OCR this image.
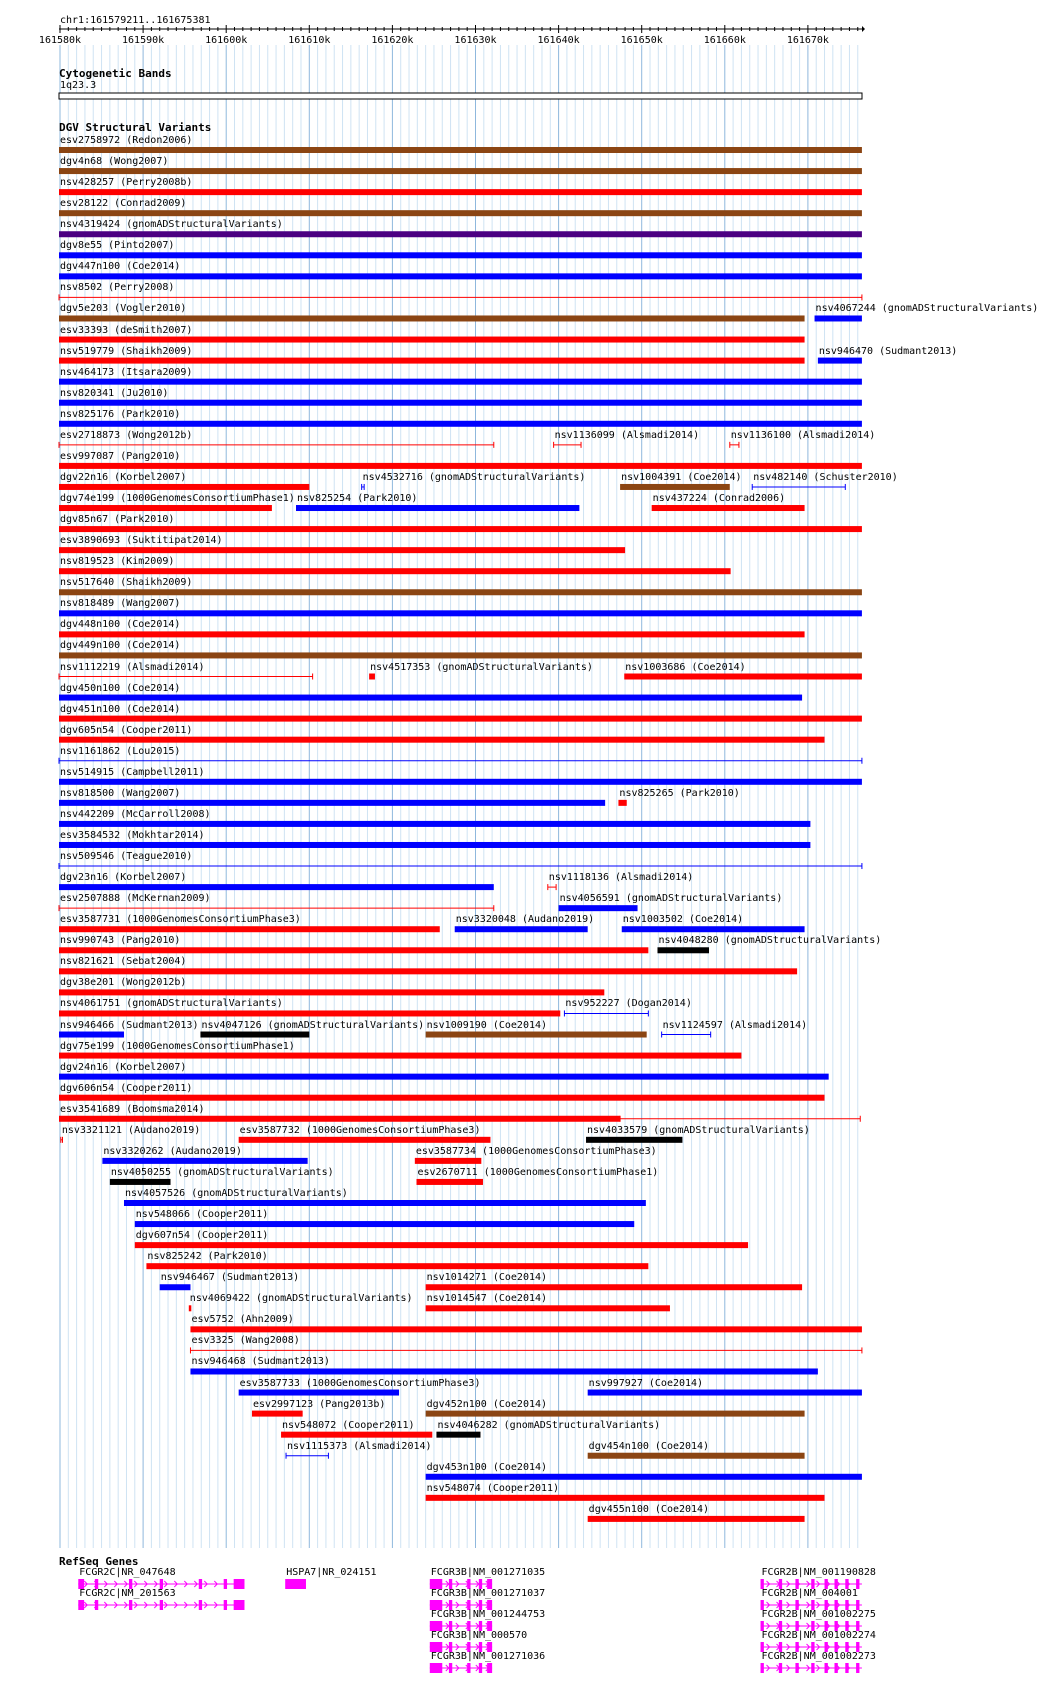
161580k	161590k	161600k	161610k	161620k	161630k	161640k	161650k	161660k	161670k
chr1:161579211..161675381
Cytogenetic Bands
1q23.3
DGV Structural Variants
esv2758972 (Redon2006)
dgv4n68 (Wong2007)
nsv428257 (Perry2008b)
esv28122 (Conrad2009)
nsv4319424 (gnomADStructuralVariants)
dgv8e55 (Pinto2007)
dgv447n100 (Coe2014)
nsv8502 (Perry2008)
dgv5e203 (Vogler2010)	nsv4067244 (gnomADStructuralVariants)
esv33393 (deSmith2007)
nsv519779 (Shaikh2009)	nsv946470 (Sudmant2013)
nsv464173 (Itsara2009)
nsv820341 (Ju2010)
nsv825176 (Park2010)
esv2718873 (Wong2012b)	nsv1136099 (Alsmadi2014)	nsv1136100 (Alsmadi2014)
esv997087 (Pang2010)
dgv22n16 (Korbel2007)	nsv4532716 (gnomADStructuralVariants)	nsv1004391 (Coe2014) nsv482140 (Schuster2010)
dgv74e199 (1000GenomesConsortiumPhase1) nsv825254 (Park2010)	nsv437224 (Conrad2006)
dgv85n67 (Park2010)
esv3890693 (Suktitipat2014)
nsv819523 (Kim2009)
nsv517640 (Shaikh2009)
nsv818489 (Wang2007)
dgv448n100 (Coe2014)
dgv449n100 (Coe2014)
nsv1112219 (Alsmadi2014)	nsv4517353 (gnomADStructuralVariants)	nsv1003686 (Coe2014)
dgv450n100 (Coe2014)
dgv451n100 (Coe2014)
dgv605n54 (Cooper2011)
nsv1161862 (Lou2015)
nsv514915 (Campbell2011)
nsv818500 (Wang2007)	nsv825265 (Park2010)
nsv442209 (McCarroll2008)
esv3584532 (Mokhtar2014)
nsv509546 (Teague2010)
dgv23n16 (Korbel2007)	nsv1118136 (Alsmadi2014)
esv2507888 (McKernan2009)	nsv4056591 (gnomADStructuralVariants)
esv3587731 (1000GenomesConsortiumPhase3)	nsv3320048 (Audano2019)	nsv1003502 (Coe2014)
nsv990743 (Pang2010)	nsv4048280 (gnomADStructuralVariants)
nsv821621 (Sebat2004)
dgv38e201 (Wong2012b)
nsv4061751 (gnomADStructuralVariants)	nsv952227 (Dogan2014)
nsv946466 (Sudmant2013) nsv4047126 (gnomADStructuralVariants) nsv1009190 (Coe2014)	nsv1124597 (Alsmadi2014)
dgv75e199 (1000GenomesConsortiumPhase1)
dgv24n16 (Korbel2007)
dgv606n54 (Cooper2011)
esv3541689 (Boomsma2014)
nsv3321121 (Audano2019)	esv3587732 (1000GenomesConsortiumPhase3)	nsv4033579 (gnomADStructuralVariants)
nsv3320262 (Audano2019)	esv3587734 (1000GenomesConsortiumPhase3)
nsv4050255 (gnomADStructuralVariants)	esv2670711 (1000GenomesConsortiumPhase1)
nsv4057526 (gnomADStructuralVariants)
nsv548066 (Cooper2011)
dgv607n54 (Cooper2011)
nsv825242 (Park2010)
nsv946467 (Sudmant2013)	nsv1014271 (Coe2014)
nsv4069422 (gnomADStructuralVariants) nsv1014547 (Coe2014)
esv5752 (Ahn2009)
esv3325 (Wang2008)
nsv946468 (Sudmant2013)
esv3587733 (1000GenomesConsortiumPhase3)	nsv997927 (Coe2014)
esv2997123 (Pang2013b)	dgv452n100 (Coe2014)
nsv548072 (Cooper2011) nsv4046282 (gnomADStructuralVariants)
nsv1115373 (Alsmadi2014)	dgv454n100 (Coe2014)
dgv453n100 (Coe2014)
nsv548074 (Cooper2011)
dgv455n100 (Coe2014)
RefSeq Genes
FCGR2C|NR_047648	HSPA7|NR_024151	FCGR3B|NM_001271035	FCGR2B|NM_001190828
FCGR2C|NM_201563	FCGR3B|NM_001271037	FCGR2B|NM_004001
FCGR3B|NM_001244753	FCGR2B|NM_001002275
FCGR3B|NM_000570	FCGR2B|NM_001002274
FCGR3B|NM_001271036	FCGR2B|NM_001002273
